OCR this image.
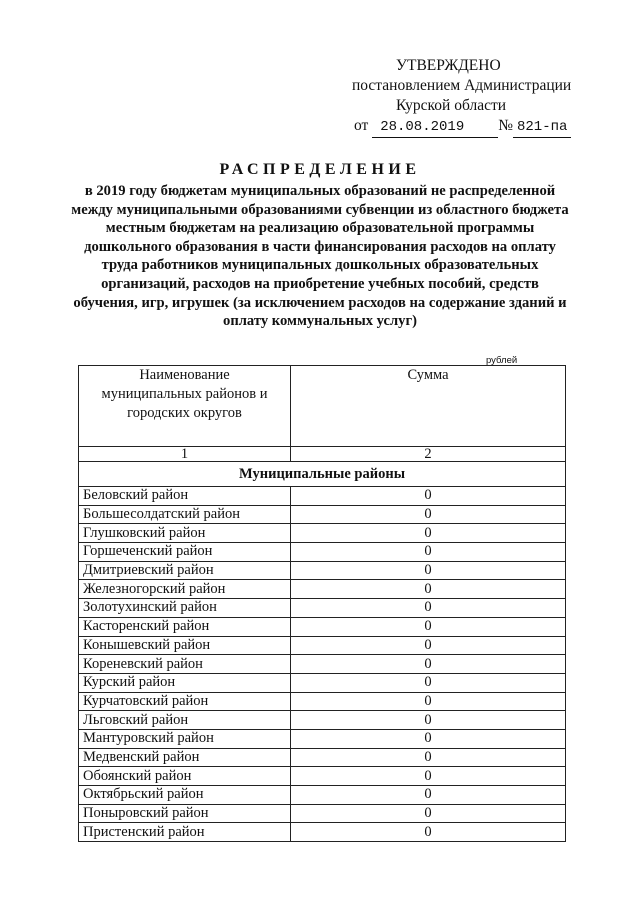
УТВЕРЖДЕНО
постановлением Администрации
Курской области
от 28.08.2019 № 821-па
РАСПРЕДЕЛЕНИЕ
в 2019 году бюджетам муниципальных образований не распределенной между муниципальными образованиями субвенции из областного бюджета местным бюджетам на реализацию образовательной программы дошкольного образования в части финансирования расходов на оплату труда работников муниципальных дошкольных образовательных организаций, расходов на приобретение учебных пособий, средств обучения, игр, игрушек (за исключением расходов на содержание зданий и оплату коммунальных услуг)
рублей
Наименование муниципальных районов и городских округов	Сумма
1	2
Муниципальные районы	
Беловский район	0
Большесолдатский район	0
Глушковский район	0
Горшеченский район	0
Дмитриевский район	0
Железногорский район	0
Золотухинский район	0
Касторенский район	0
Конышевский район	0
Кореневский район	0
Курский район	0
Курчатовский район	0
Льговский район	0
Мантуровский район	0
Медвенский район	0
Обоянский район	0
Октябрьский район	0
Поныровский район	0
Пристенский район	0
